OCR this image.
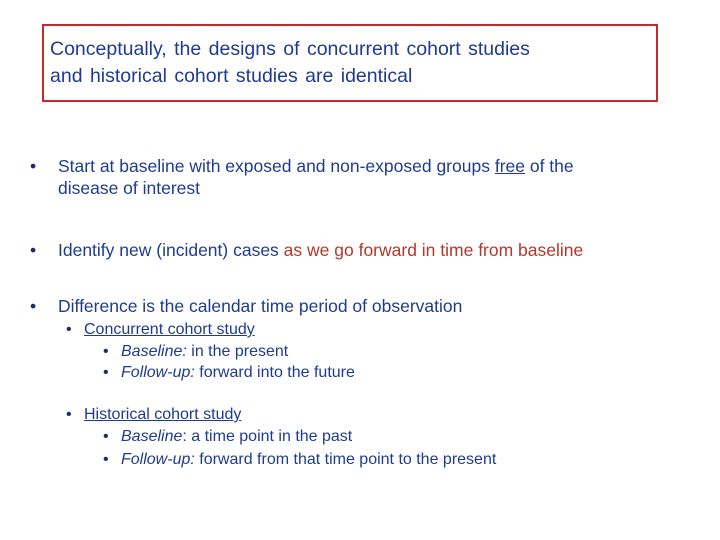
Conceptually, the designs of concurrent cohort studies
and historical cohort studies are identical
•	Start at baseline with exposed and non-exposed groups free of the
disease of interest
•	Identify new (incident) cases as we go forward in time from baseline
•	Difference is the calendar time period of observation
• Concurrent cohort study
• Baseline: in the present
• Follow-up: forward into the future
• Historical cohort study
• Baseline: a time point in the past
• Follow-up: forward from that time point to the present
